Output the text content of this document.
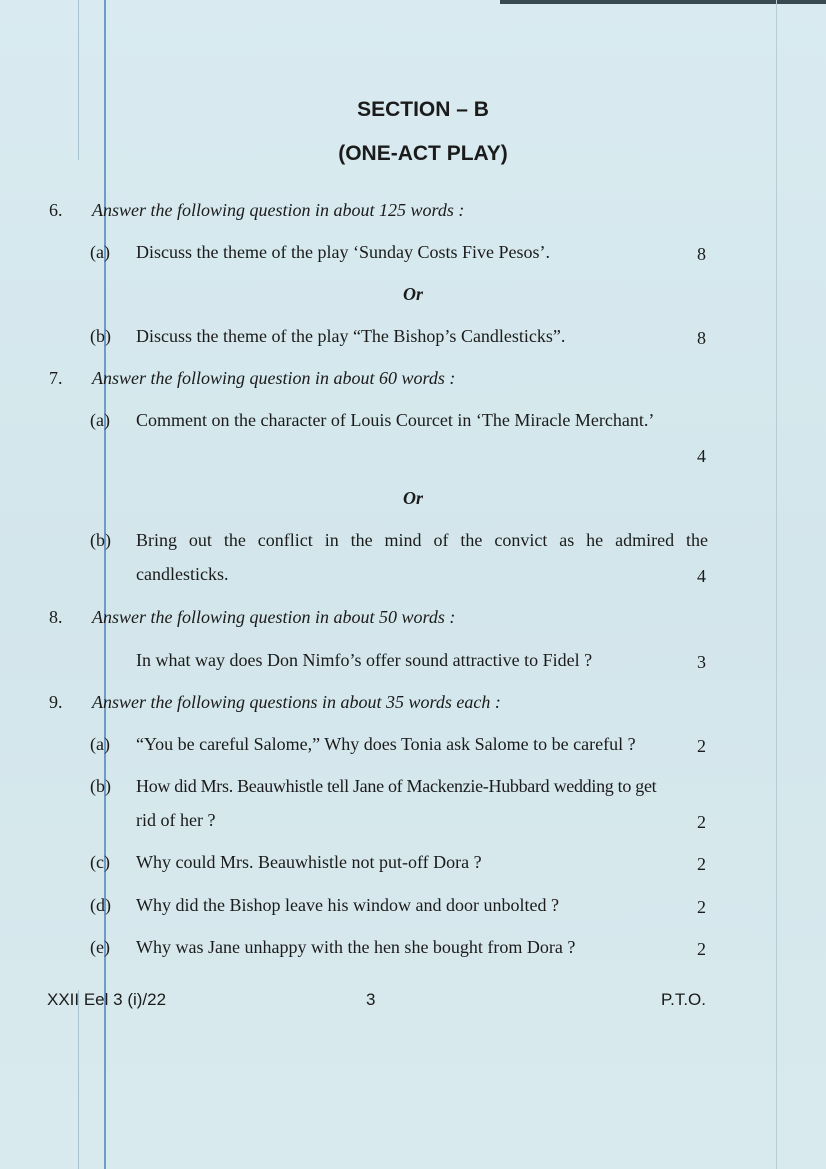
SECTION – B
(ONE-ACT PLAY)
6. Answer the following question in about 125 words :
(a) Discuss the theme of the play ‘Sunday Costs Five Pesos’.	8
Or
(b) Discuss the theme of the play “The Bishop’s Candlesticks”.	8
7. Answer the following question in about 60 words :
(a) Comment on the character of Louis Courcet in ‘The Miracle Merchant.’
4
Or
(b) Bring out the conflict in the mind of the convict as he admired the
candlesticks.	4
8. Answer the following question in about 50 words :
In what way does Don Nimfo’s offer sound attractive to Fidel ?	3
9. Answer the following questions in about 35 words each :
(a) “You be careful Salome,” Why does Tonia ask Salome to be careful ?	2
(b) How did Mrs. Beauwhistle tell Jane of Mackenzie-Hubbard wedding to get
rid of her ?	2
(c) Why could Mrs. Beauwhistle not put-off Dora ?	2
(d) Why did the Bishop leave his window and door unbolted ?	2
(e) Why was Jane unhappy with the hen she bought from Dora ?	2
XXII Eel 3 (i)/22	3	P.T.O.
